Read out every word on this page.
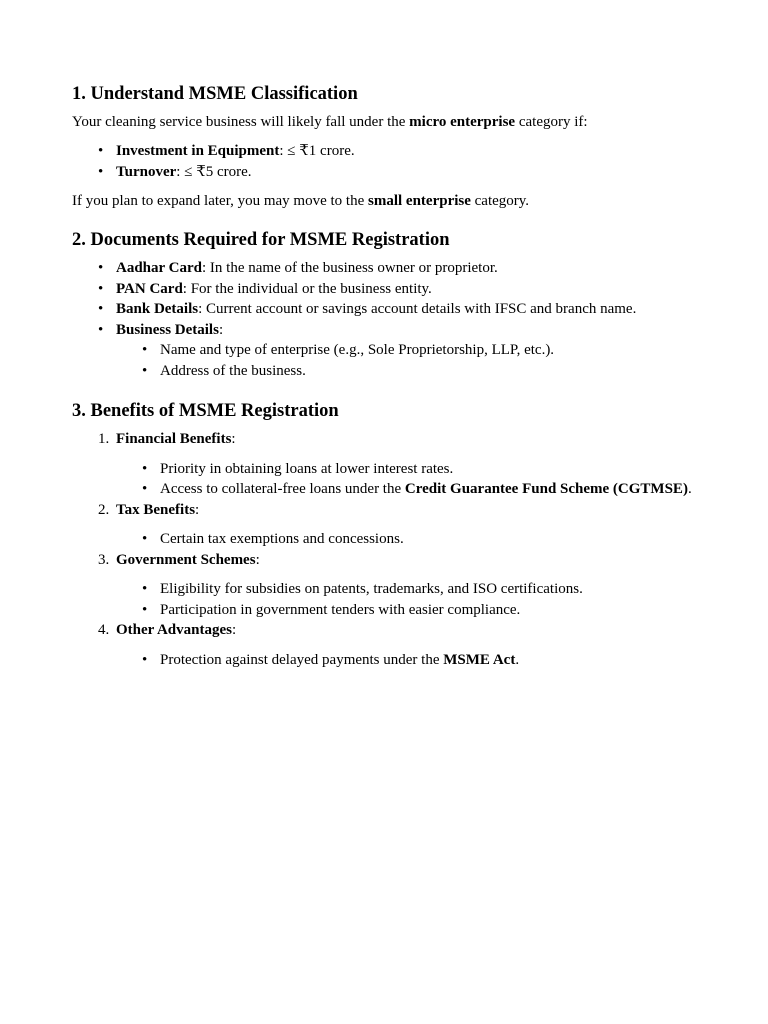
1. Understand MSME Classification

Your cleaning service business will likely fall under the micro enterprise category if:

• Investment in Equipment: ≤ ₹1 crore.
• Turnover: ≤ ₹5 crore.

If you plan to expand later, you may move to the small enterprise category.

2. Documents Required for MSME Registration
• Aadhar Card: In the name of the business owner or proprietor.
• PAN Card: For the individual or the business entity.
• Bank Details: Current account or savings account details with IFSC and branch name.
• Business Details:
• Name and type of enterprise (e.g., Sole Proprietorship, LLP, etc.).
• Address of the business.
3. Benefits of MSME Registration
1. Financial Benefits:
• Priority in obtaining loans at lower interest rates.
• Access to collateral-free loans under the Credit Guarantee Fund Scheme (CGTMSE).
2. Tax Benefits:
• Certain tax exemptions and concessions.
3. Government Schemes:
• Eligibility for subsidies on patents, trademarks, and ISO certifications.
• Participation in government tenders with easier compliance.
4. Other Advantages:
• Protection against delayed payments under the MSME Act.
